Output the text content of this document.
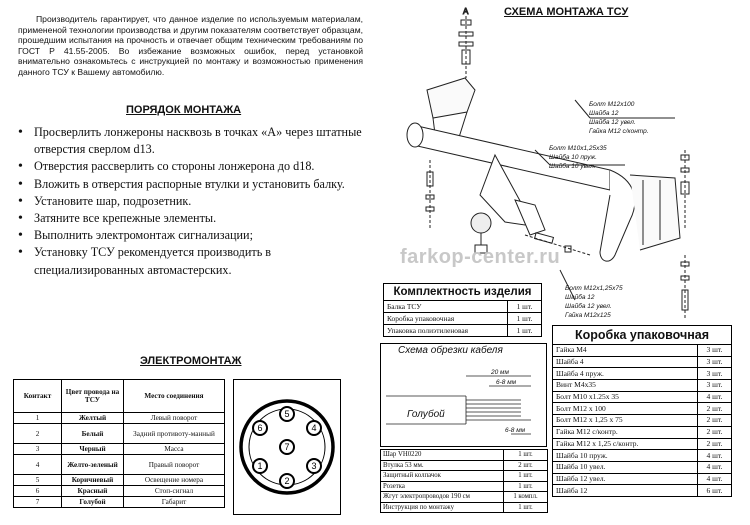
Производитель гарантирует, что данное изделие по используемым материалам, примененой технологии производства и другим показателям соответствует образцам, прошедшим испытания на прочность и отвечает общим техническим требованиям по ГОСТ Р 41.55-2005. Во избежание возможных ошибок, перед установкой внимательно ознакомьтесь с инструкцией по монтажу и возможностью применения данного ТСУ к Вашему автомобилю.

ПОРЯДОК МОНТАЖА
• Просверлить лонжероны насквозь в точках «А» через штатные отверстия сверлом d13.
• Отверстия рассверлить со стороны лонжерона до d18.
• Вложить в отверстия распорные втулки и установить балку.
• Установите шар, подрозетник.
• Затяните все крепежные элементы.
• Выполнить электромонтаж сигнализации;
• Установку ТСУ рекомендуется производить в специализированных автомастерских.
ЭЛЕКТРОМОНТАЖ
Контакт	Цвет провода на ТСУ	Место соединения
1	Желтый	Левый поворот
2	Белый	Задний противоту-манный
3	Черный	Масса
4	Желто-зеленый	Правый поворот
5	Коричневый	Освещение номера
6	Красный	Стоп-сигнал
7	Голубой	Габарит
5
4
3
2
1
6
7
СХЕМА МОНТАЖА ТСУ
А
Болт М12х100
Шайба 12
Шайба 12 увел.
Гайка М12 с/контр.
Болт М10х1,25х35
Шайба 10 пруж.
Шайба 10 увел.
Болт М12х1,25х75
Шайба 12
Шайба 12 увел.
Гайка М12х125
farkop-center.ru
Комплектность изделия
Балка ТСУ	1 шт.
Коробка упаковочная	1 шт.
Упаковка полиэтиленовая	1 шт.
20 мм
6-8 мм
6-8 мм
Голубой
Схема обрезки кабеля
Шар VH0220	1 шт.
Втулка 53 мм.	2 шт.
Защитный колпачок	1 шт.
Розетка	1 шт.
Жгут электропроводов 190 см	1 компл.
Инструкция по монтажу	1 шт.
Коробка упаковочная
Гайка М4	3 шт.
Шайба 4	3 шт.
Шайба 4 пруж.	3 шт.
Винт М4х35	3 шт.
Болт М10 х1.25х 35	4 шт.
Болт М12 х 100	2 шт.
Болт М12 х 1,25 х 75	2 шт.
Гайка М12 с/контр.	2 шт.
Гайка М12 х 1,25 с/контр.	2 шт.
Шайба 10 пруж.	4 шт.
Шайба 10 увел.	4 шт.
Шайба 12 увел.	4 шт.
Шайба 12	6 шт.
